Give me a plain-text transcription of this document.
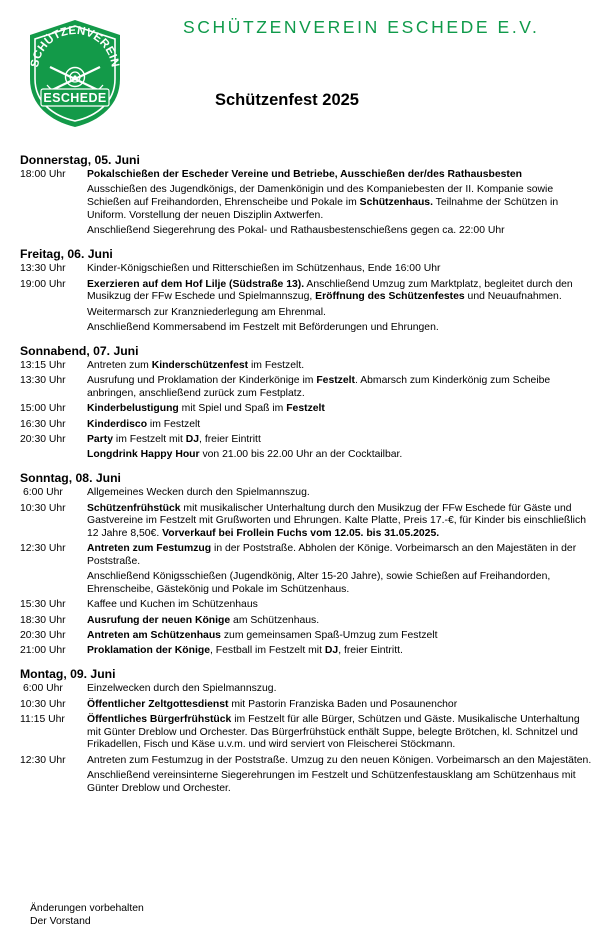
SCHÜTZENVEREIN ESCHEDE E.V.
SCHÜTZENVEREIN
ESCHEDE	Schützenfest 2025
Donnerstag, 05. Juni
18:00 Uhr	Pokalschießen der Escheder Vereine und Betriebe, Ausschießen der/des Rathausbesten
Ausschießen des Jugendkönigs, der Damenkönigin und des Kompaniebesten der II. Kompanie sowie Schießen auf Freihandorden, Ehrenscheibe und Pokale im Schützenhaus. Teilnahme der Schützen in Uniform. Vorstellung der neuen Disziplin Axtwerfen.
Anschließend Siegerehrung des Pokal- und Rathausbestenschießens gegen ca. 22:00 Uhr
Freitag, 06. Juni
13:30 Uhr	Kinder-Königschießen und Ritterschießen im Schützenhaus, Ende 16:00 Uhr
19:00 Uhr	Exerzieren auf dem Hof Lilje (Südstraße 13). Anschließend Umzug zum Marktplatz, begleitet durch den Musikzug der FFw Eschede und Spielmannszug, Eröffnung des Schützenfestes und Neuaufnahmen.
Weitermarsch zur Kranzniederlegung am Ehrenmal.
Anschließend Kommersabend im Festzelt mit Beförderungen und Ehrungen.
Sonnabend, 07. Juni
13:15 Uhr	Antreten zum Kinderschützenfest im Festzelt.
13:30 Uhr	Ausrufung und Proklamation der Kinderkönige im Festzelt. Abmarsch zum Kinderkönig zum Scheibe anbringen, anschließend zurück zum Festplatz.
15:00 Uhr	Kinderbelustigung mit Spiel und Spaß im Festzelt
16:30 Uhr	Kinderdisco im Festzelt
20:30 Uhr	Party im Festzelt mit DJ, freier Eintritt
Longdrink Happy Hour von 21.00 bis 22.00 Uhr an der Cocktailbar.
Sonntag, 08. Juni
6:00 Uhr	Allgemeines Wecken durch den Spielmannszug.
10:30 Uhr	Schützenfrühstück mit musikalischer Unterhaltung durch den Musikzug der FFw Eschede für Gäste und Gastvereine im Festzelt mit Grußworten und Ehrungen. Kalte Platte, Preis 17.-€, für Kinder bis einschließlich 12 Jahre 8,50€. Vorverkauf bei Frollein Fuchs vom 12.05. bis 31.05.2025.
12:30 Uhr	Antreten zum Festumzug in der Poststraße. Abholen der Könige. Vorbeimarsch an den Majestäten in der Poststraße.
Anschließend Königsschießen (Jugendkönig, Alter 15-20 Jahre), sowie Schießen auf Freihandorden, Ehrenscheibe, Gästekönig und Pokale im Schützenhaus.
15:30 Uhr	Kaffee und Kuchen im Schützenhaus
18:30 Uhr	Ausrufung der neuen Könige am Schützenhaus.
20:30 Uhr	Antreten am Schützenhaus zum gemeinsamen Spaß-Umzug zum Festzelt
21:00 Uhr	Proklamation der Könige, Festball im Festzelt mit DJ, freier Eintritt.
Montag, 09. Juni
6:00 Uhr	Einzelwecken durch den Spielmannszug.
10:30 Uhr	Öffentlicher Zeltgottesdienst mit Pastorin Franziska Baden und Posaunenchor
11:15 Uhr	Öffentliches Bürgerfrühstück im Festzelt für alle Bürger, Schützen und Gäste. Musikalische Unterhaltung mit Günter Dreblow und Orchester. Das Bürgerfrühstück enthält Suppe, belegte Brötchen, kl. Schnitzel und Frikadellen, Fisch und Käse u.v.m. und wird serviert von Fleischerei Stöckmann.
12:30 Uhr	Antreten zum Festumzug in der Poststraße. Umzug zu den neuen Königen. Vorbeimarsch an den Majestäten.
Anschließend vereinsinterne Siegerehrungen im Festzelt und Schützenfestausklang am Schützenhaus mit Günter Dreblow und Orchester.
Änderungen vorbehalten
Der Vorstand
